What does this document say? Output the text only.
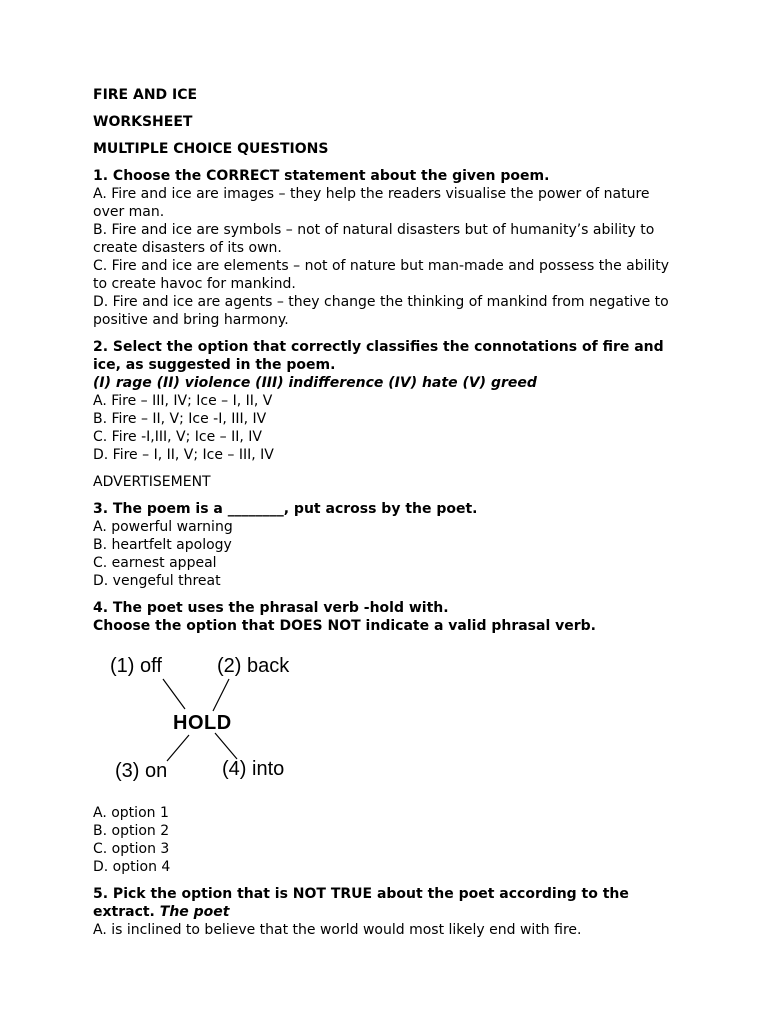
FIRE AND ICE
WORKSHEET
MULTIPLE CHOICE QUESTIONS
1. Choose the CORRECT statement about the given poem.
A. Fire and ice are images – they help the readers visualise the power of nature over man.
B. Fire and ice are symbols – not of natural disasters but of humanity’s ability to create disasters of its own.
C. Fire and ice are elements – not of nature but man-made and possess the ability to create havoc for mankind.
D. Fire and ice are agents – they change the thinking of mankind from negative to positive and bring harmony.
2. Select the option that correctly classifies the connotations of fire and ice, as suggested in the poem.
(I) rage (II) violence (III) indifference (IV) hate (V) greed
A. Fire – III, IV; Ice – I, II, V
B. Fire – II, V; Ice -I, III, IV
C. Fire -I,III, V; Ice – II, IV
D. Fire – I, II, V; Ice – III, IV
ADVERTISEMENT
3. The poem is a ________, put across by the poet.
A. powerful warning
B. heartfelt apology
C. earnest appeal
D. vengeful threat
4. The poet uses the phrasal verb -hold with.
Choose the option that DOES NOT indicate a valid phrasal verb.
(1) off	(2) back
HOLD
(3) on	(4) into
A. option 1
B. option 2
C. option 3
D. option 4
5. Pick the option that is NOT TRUE about the poet according to the extract. The poet
A. is inclined to believe that the world would most likely end with fire.
